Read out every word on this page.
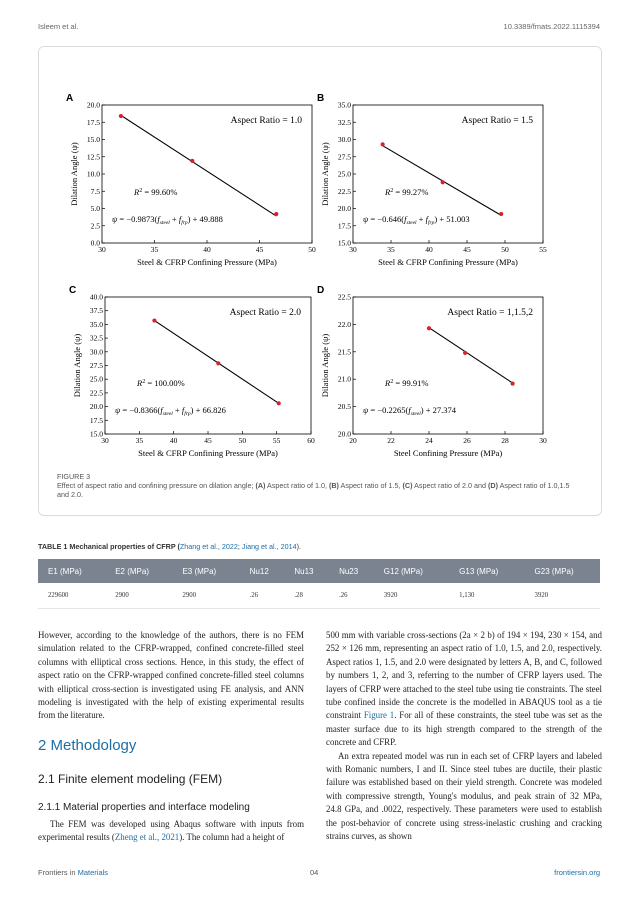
Isleem et al.	10.3389/fmats.2022.1115394
A
30	35	40	45	50
0.0
2.5
5.0
7.5
10.0
12.5
15.0
17.5
20.0
Steel & CFRP Confining Pressure (MPa)
Dilation Angle (ψ)
Aspect Ratio = 1.0
$R^2 = 99.60\%$
$\psi = -0.9873(f_{steel} + f_{frp}) + 49.888$
B
30	35	40	45	50	55
15.0
17.5
20.0
22.5
25.0
27.5
30.0
32.5
35.0
Steel & CFRP Confining Pressure (MPa)
Dilation Angle (ψ)
Aspect Ratio = 1.5
$R^2 = 99.27\%$
$\psi = -0.646(f_{steel} + f_{frp}) + 51.003$
C
30	35	40	45	50	55	60
15.0
17.5
20.0
22.5
25.0
27.5
30.0
32.5
35.0
37.5
40.0
Steel & CFRP Confining Pressure (MPa)
Dilation Angle (ψ)
Aspect Ratio = 2.0
$R^2 = 100.00\%$
$\psi = -0.8366(f_{steel} + f_{frp}) + 66.826$
D
20	22	24	26	28	30
20.0
20.5
21.0
21.5
22.0
22.5
Steel Confining Pressure (MPa)
Dilation Angle (ψ)
Aspect Ratio = 1,1.5,2
$R^2 = 99.91\%$
$\psi = -0.2265(f_{steel}) + 27.374$
FIGURE 3
Effect of aspect ratio and confining pressure on dilation angle; (A) Aspect ratio of 1.0, (B) Aspect ratio of 1.5, (C) Aspect ratio of 2.0 and (D) Aspect ratio of 1.0,1.5 and 2.0.
TABLE 1 Mechanical properties of CFRP (Zhang et al., 2022; Jiang et al., 2014).
E1 (MPa)	E2 (MPa)	E3 (MPa)	Nu12	Nu13	Nu23	G12 (MPa)	G13 (MPa)	G23 (MPa)
229600	2900	2900	.26	.28	.26	3920	1,130	3920

However, according to the knowledge of the authors, there is no FEM simulation related to the CFRP-wrapped, confined concrete-filled steel columns with elliptical cross sections. Hence, in this study, the effect of aspect ratio on the CFRP-wrapped confined concrete-filled steel columns with elliptical cross-section is investigated using FE analysis, and ANN modeling is investigated with the help of existing experimental results from the literature.

2 Methodology
2.1 Finite element modeling (FEM)
2.1.1 Material properties and interface modeling

The FEM was developed using Abaqus software with inputs from experimental results (Zheng et al., 2021). The column had a height of

500 mm with variable cross-sections (2a × 2 b) of 194 × 194, 230 × 154, and 252 × 126 mm, representing an aspect ratio of 1.0, 1.5, and 2.0, respectively. Aspect ratios 1, 1.5, and 2.0 were designated by letters A, B, and C, followed by numbers 1, 2, and 3, referring to the number of CFRP layers used. The layers of CFRP were attached to the steel tube using tie constraints. The steel tube confined inside the concrete is the modelled in ABAQUS tool as a tie constraint Figure 1. For all of these constraints, the steel tube was set as the master surface due to its high strength compared to the strength of the concrete and CFRP.

An extra repeated model was run in each set of CFRP layers and labeled with Romanic numbers, I and II. Since steel tubes are ductile, their plastic failure was established based on their yield strength. Concrete was modeled with compressive strength, Young's modulus, and peak strain of 32 MPa, 24.8 GPa, and .0022, respectively. These parameters were used to establish the post-behavior of concrete using stress-inelastic crushing and cracking strains curves, as shown

Frontiers in Materials	04	frontiersin.org
